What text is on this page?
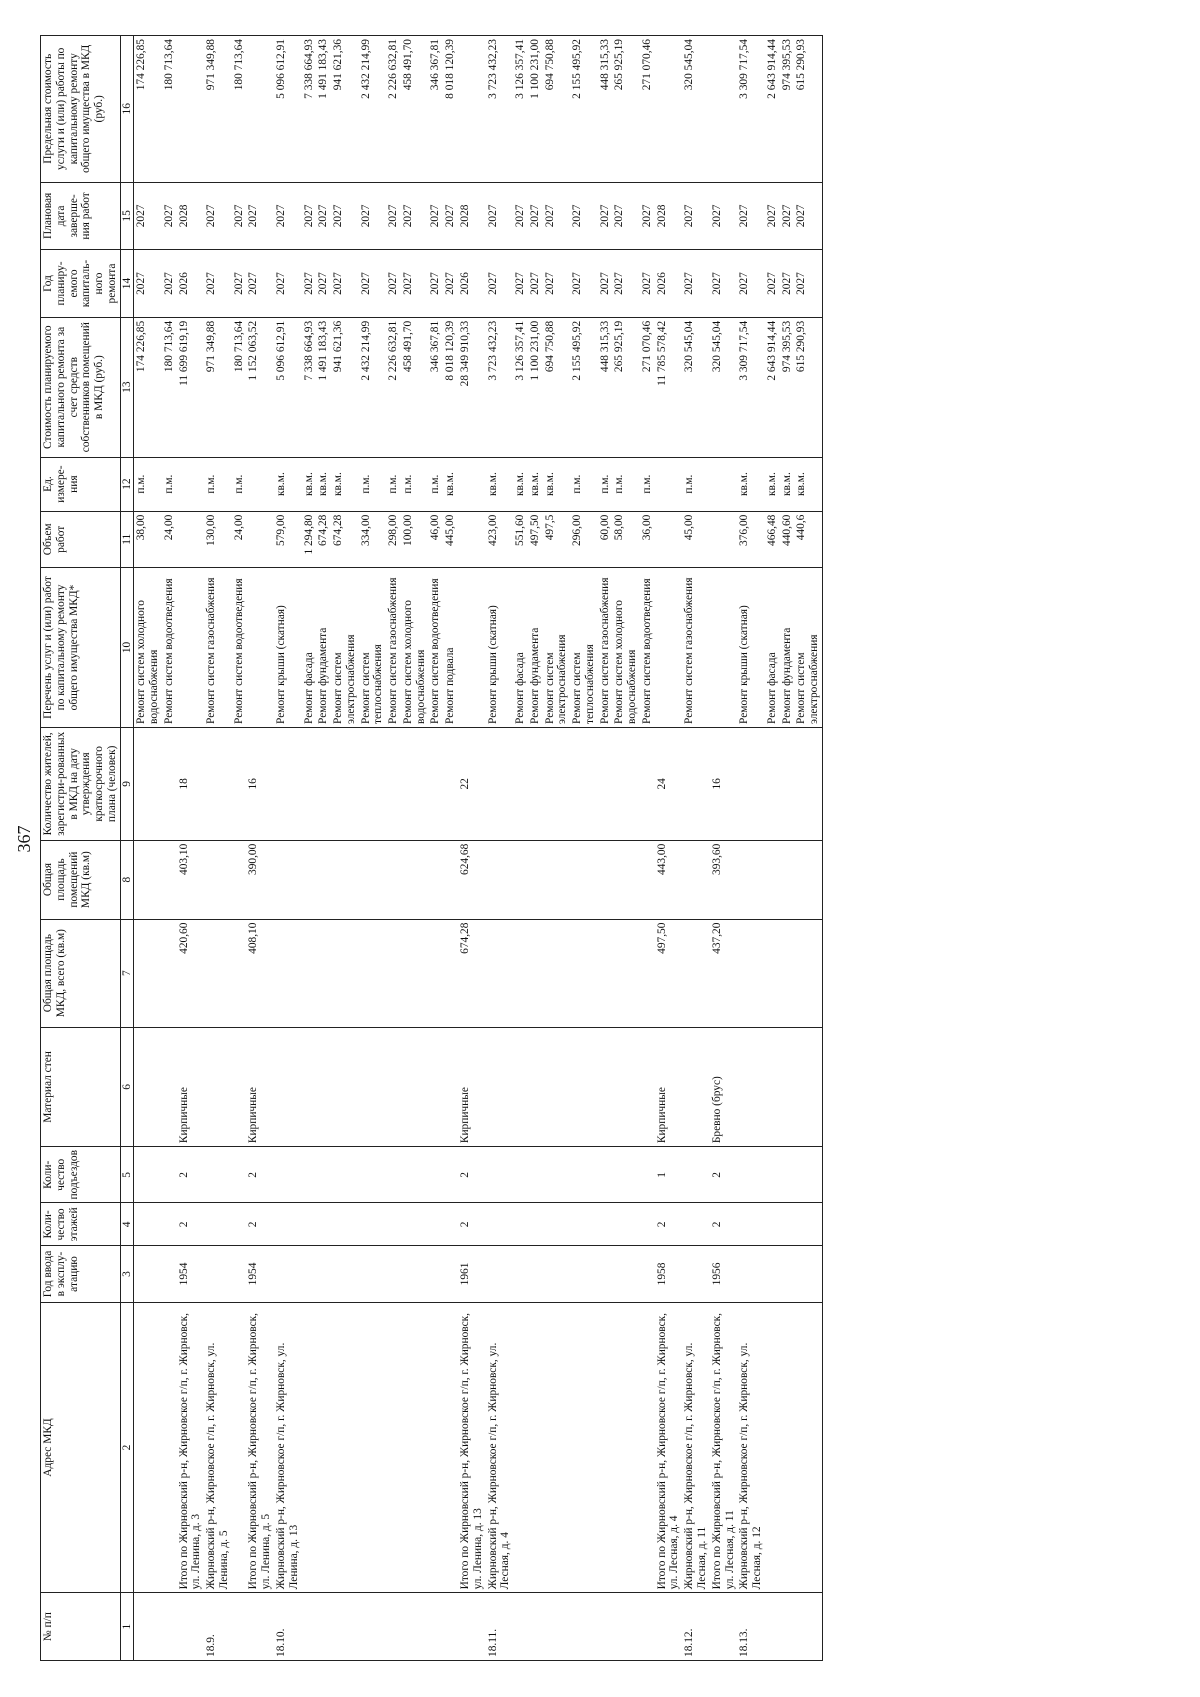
367
№ п/п	Адрес МКД	Год ввода в эксплу-атацию	Коли-чество этажей	Коли-чество подъездов	Материал стен	Общая площадь МКД, всего (кв.м)	Общая площадь помещений МКД (кв.м)	Количество жителей, зарегистри-рованных в МКД на дату утверждения краткосрочного плана (человек)	Перечень услуг и (или) работ по капитальному ремонту общего имущества МКД*	Объем работ	Ед. измере-ния	Стоимость планируемого капитального ремонта за счет средств собственников помещений в МКД (руб.)	Год планиру-емого капиталь-ного ремонта	Плановая дата заверше-ния работ	Предельная стоимость услуги и (или) работы по капитальному ремонту общего имущества в МКД (руб.)
1	2	3	4	5	6	7	8	9	10	11	12	13	14	15	16
									Ремонт систем холодного водоснабжения	38,00	п.м.	174 226,85	2027	2027	174 226,85
									Ремонт систем водоотведения	24,00	п.м.	180 713,64	2027	2027	180 713,64
	Итого по Жирновский р-н, Жирновское г/п, г. Жирновск, ул. Ленина, д. 3	1954	2	2	Кирпичные	420,60	403,10	18				11 699 619,19	2026	2028	
18.9.	Жирновский р-н, Жирновское г/п, г. Жирновск, ул. Ленина, д. 5								Ремонт систем газоснабжения	130,00	п.м.	971 349,88	2027	2027	971 349,88
									Ремонт систем водоотведения	24,00	п.м.	180 713,64	2027	2027	180 713,64
	Итого по Жирновский р-н, Жирновское г/п, г. Жирновск, ул. Ленина, д. 5	1954	2	2	Кирпичные	408,10	390,00	16				1 152 063,52	2027	2027	
18.10.	Жирновский р-н, Жирновское г/п, г. Жирновск, ул. Ленина, д. 13								Ремонт крыши (скатная)	579,00	кв.м.	5 096 612,91	2027	2027	5 096 612,91
									Ремонт фасада	1 294,80	кв.м.	7 338 664,93	2027	2027	7 338 664,93
									Ремонт фундамента	674,28	кв.м.	1 491 183,43	2027	2027	1 491 183,43
									Ремонт систем электроснабжения	674,28	кв.м.	941 621,36	2027	2027	941 621,36
									Ремонт систем теплоснабжения	334,00	п.м.	2 432 214,99	2027	2027	2 432 214,99
									Ремонт систем газоснабжения	298,00	п.м.	2 226 632,81	2027	2027	2 226 632,81
									Ремонт систем холодного водоснабжения	100,00	п.м.	458 491,70	2027	2027	458 491,70
									Ремонт систем водоотведения	46,00	п.м.	346 367,81	2027	2027	346 367,81
									Ремонт подвала	445,00	кв.м.	8 018 120,39	2027	2027	8 018 120,39
	Итого по Жирновский р-н, Жирновское г/п, г. Жирновск, ул. Ленина, д. 13	1961	2	2	Кирпичные	674,28	624,68	22				28 349 910,33	2026	2028	
18.11.	Жирновский р-н, Жирновское г/п, г. Жирновск, ул. Лесная, д. 4								Ремонт крыши (скатная)	423,00	кв.м.	3 723 432,23	2027	2027	3 723 432,23
									Ремонт фасада	551,60	кв.м.	3 126 357,41	2027	2027	3 126 357,41
									Ремонт фундамента	497,50	кв.м.	1 100 231,00	2027	2027	1 100 231,00
									Ремонт систем электроснабжения	497,5	кв.м.	694 750,88	2027	2027	694 750,88
									Ремонт систем теплоснабжения	296,00	п.м.	2 155 495,92	2027	2027	2 155 495,92
									Ремонт систем газоснабжения	60,00	п.м.	448 315,33	2027	2027	448 315,33
									Ремонт систем холодного водоснабжения	58,00	п.м.	265 925,19	2027	2027	265 925,19
									Ремонт систем водоотведения	36,00	п.м.	271 070,46	2027	2027	271 070,46
	Итого по Жирновский р-н, Жирновское г/п, г. Жирновск, ул. Лесная, д. 4	1958	2	1	Кирпичные	497,50	443,00	24				11 785 578,42	2026	2028	
18.12.	Жирновский р-н, Жирновское г/п, г. Жирновск, ул. Лесная, д. 11								Ремонт систем газоснабжения	45,00	п.м.	320 545,04	2027	2027	320 545,04
	Итого по Жирновский р-н, Жирновское г/п, г. Жирновск, ул. Лесная, д. 11	1956	2	2	Бревно (брус)	437,20	393,60	16				320 545,04	2027	2027	
18.13.	Жирновский р-н, Жирновское г/п, г. Жирновск, ул. Лесная, д. 12								Ремонт крыши (скатная)	376,00	кв.м.	3 309 717,54	2027	2027	3 309 717,54
									Ремонт фасада	466,48	кв.м.	2 643 914,44	2027	2027	2 643 914,44
									Ремонт фундамента	440,60	кв.м.	974 395,53	2027	2027	974 395,53
									Ремонт систем электроснабжения	440,6	кв.м.	615 290,93	2027	2027	615 290,93
